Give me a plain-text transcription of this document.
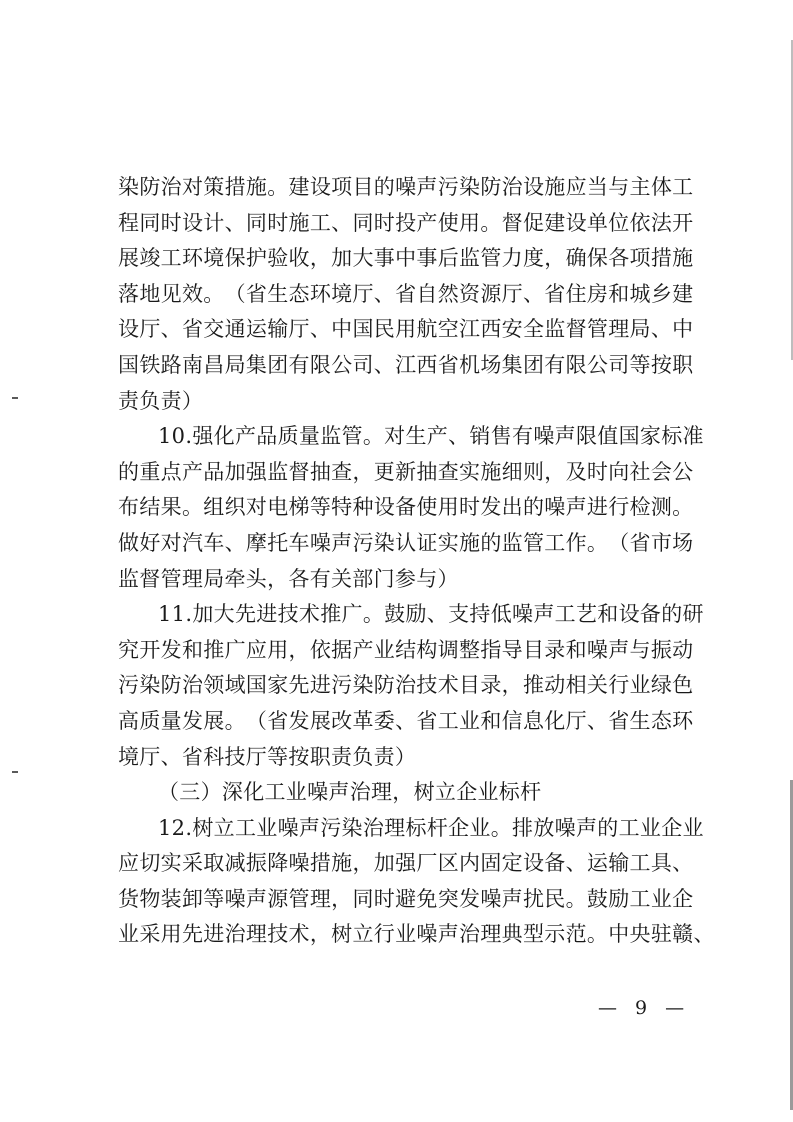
染 防 治 对 策 措 施 。 建 设 项 目 的 噪 声 污 染 防 治 设 施 应 当 与 主 体 工
程 同 时 设 计 、 同 时 施 工 、 同 时 投 产 使 用 。 督 促 建 设 单 位 依 法 开
展 竣 工 环 境 保 护 验 收 ， 加 大 事 中 事 后 监 管 力 度 ， 确 保 各 项 措 施
落 地 见 效 。 （ 省 生 态 环 境 厅 、 省 自 然 资 源 厅 、 省 住 房 和 城 乡 建
设 厅 、 省 交 通 运 输 厅 、 中 国 民 用 航 空 江 西 安 全 监 督 管 理 局 、 中
国 铁 路 南 昌 局 集 团 有 限 公 司 、 江 西 省 机 场 集 团 有 限 公 司 等 按 职
责负责）
1 0 . 强 化 产 品 质 量 监 管 。 对 生 产 、 销 售 有 噪 声 限 值 国 家 标 准
的 重 点 产 品 加 强 监 督 抽 查 ， 更 新 抽 查 实 施 细 则 ， 及 时 向 社 会 公
布 结 果 。 组 织 对 电 梯 等 特 种 设 备 使 用 时 发 出 的 噪 声 进 行 检 测 。
做 好 对 汽 车 、 摩 托 车 噪 声 污 染 认 证 实 施 的 监 管 工 作 。 （ 省 市 场
监督管理局牵头，各有关部门参与）
1 1 . 加 大 先 进 技 术 推 广 。 鼓 励 、 支 持 低 噪 声 工 艺 和 设 备 的 研
究 开 发 和 推 广 应 用 ， 依 据 产 业 结 构 调 整 指 导 目 录 和 噪 声 与 振 动
污 染 防 治 领 域 国 家 先 进 污 染 防 治 技 术 目 录 ， 推 动 相 关 行 业 绿 色
高 质 量 发 展 。 （ 省 发 展 改 革 委 、 省 工 业 和 信 息 化 厅 、 省 生 态 环
境厅、省科技厅等按职责负责）
（三）深化工业噪声治理，树立企业标杆
1 2 . 树 立 工 业 噪 声 污 染 治 理 标 杆 企 业 。 排 放 噪 声 的 工 业 企 业
应 切 实 采 取 减 振 降 噪 措 施 ， 加 强 厂 区 内 固 定 设 备 、 运 输 工 具 、
货 物 装 卸 等 噪 声 源 管 理 ， 同 时 避 免 突 发 噪 声 扰 民 。 鼓 励 工 业 企
业 采 用 先 进 治 理 技 术 ， 树 立 行 业 噪 声 治 理 典 型 示 范 。 中 央 驻 赣 、
— 9 —
